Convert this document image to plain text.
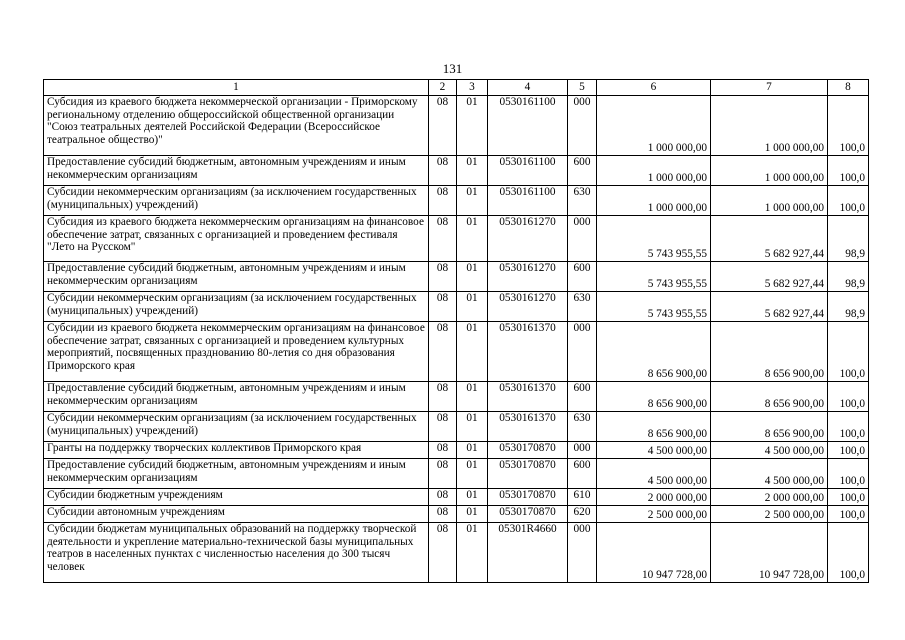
131
1	2	3	4	5	6	7	8
Субсидия из краевого бюджета некоммерческой организации - Приморскому региональному отделению общероссийской общественной организации "Союз театральных деятелей Российской Федерации (Всероссийское театральное общество)"	08	01	0530161100	000	1 000 000,00	1 000 000,00	100,0
Предоставление субсидий бюджетным, автономным учреждениям и иным некоммерческим организациям	08	01	0530161100	600	1 000 000,00	1 000 000,00	100,0
Субсидии некоммерческим организациям (за исключением государственных (муниципальных) учреждений)	08	01	0530161100	630	1 000 000,00	1 000 000,00	100,0
Субсидия из краевого бюджета некоммерческим организациям на финансовое обеспечение затрат, связанных с организацией и проведением фестиваля "Лето на Русском"	08	01	0530161270	000	5 743 955,55	5 682 927,44	98,9
Предоставление субсидий бюджетным, автономным учреждениям и иным некоммерческим организациям	08	01	0530161270	600	5 743 955,55	5 682 927,44	98,9
Субсидии некоммерческим организациям (за исключением государственных (муниципальных) учреждений)	08	01	0530161270	630	5 743 955,55	5 682 927,44	98,9
Субсидии из краевого бюджета некоммерческим организациям на финансовое обеспечение затрат, связанных с организацией и проведением культурных мероприятий, посвященных празднованию 80-летия со дня образования Приморского края	08	01	0530161370	000	8 656 900,00	8 656 900,00	100,0
Предоставление субсидий бюджетным, автономным учреждениям и иным некоммерческим организациям	08	01	0530161370	600	8 656 900,00	8 656 900,00	100,0
Субсидии некоммерческим организациям (за исключением государственных (муниципальных) учреждений)	08	01	0530161370	630	8 656 900,00	8 656 900,00	100,0
Гранты на поддержку творческих коллективов Приморского края	08	01	0530170870	000	4 500 000,00	4 500 000,00	100,0
Предоставление субсидий бюджетным, автономным учреждениям и иным некоммерческим организациям	08	01	0530170870	600	4 500 000,00	4 500 000,00	100,0
Субсидии бюджетным учреждениям	08	01	0530170870	610	2 000 000,00	2 000 000,00	100,0
Субсидии автономным учреждениям	08	01	0530170870	620	2 500 000,00	2 500 000,00	100,0
Субсидии бюджетам муниципальных образований на поддержку творческой деятельности и укрепление материально-технической базы муниципальных театров в населенных пунктах с численностью населения до 300 тысяч человек	08	01	05301R4660	000	10 947 728,00	10 947 728,00	100,0
